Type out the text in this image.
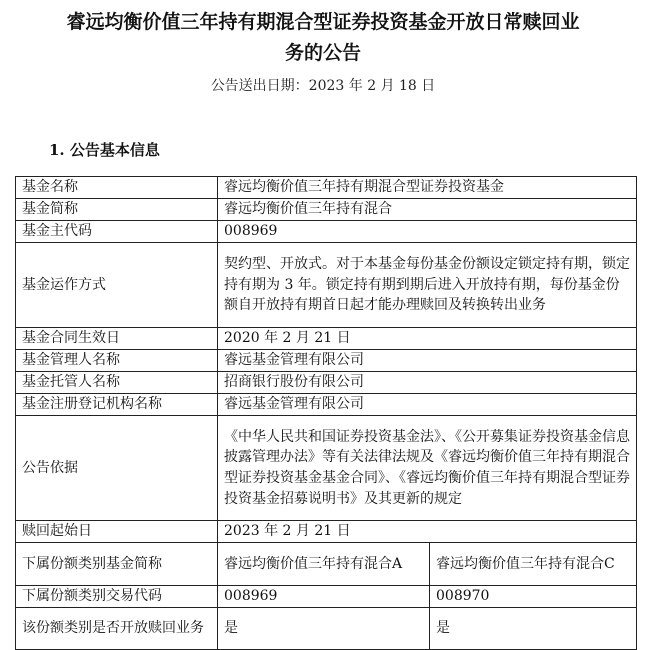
睿远均衡价值三年持有期混合型证券投资基金开放日常赎回业
务的公告
公告送出日期：2023 年 2 月 18 日
1. 公告基本信息
基金名称	睿远均衡价值三年持有期混合型证券投资基金	
基金简称	睿远均衡价值三年持有混合	
基金主代码	008969	
基金运作方式	契约型、开放式。对于本基金每份基金份额设定锁定持有期，锁定持有期为 3 年。锁定持有期到期后进入开放持有期，每份基金份额自开放持有期首日起才能办理赎回及转换转出业务	
基金合同生效日	2020 年 2 月 21 日	
基金管理人名称	睿远基金管理有限公司	
基金托管人名称	招商银行股份有限公司	
基金注册登记机构名称	睿远基金管理有限公司	
公告依据	《中华人民共和国证券投资基金法》、《公开募集证券投资基金信息披露管理办法》等有关法律法规及《睿远均衡价值三年持有期混合型证券投资基金基金合同》、《睿远均衡价值三年持有期混合型证券投资基金招募说明书》及其更新的规定	
赎回起始日	2023 年 2 月 21 日	
下属份额类别基金简称	睿远均衡价值三年持有混合A	睿远均衡价值三年持有混合C
下属份额类别交易代码	008969	008970
该份额类别是否开放赎回业务	是	是
